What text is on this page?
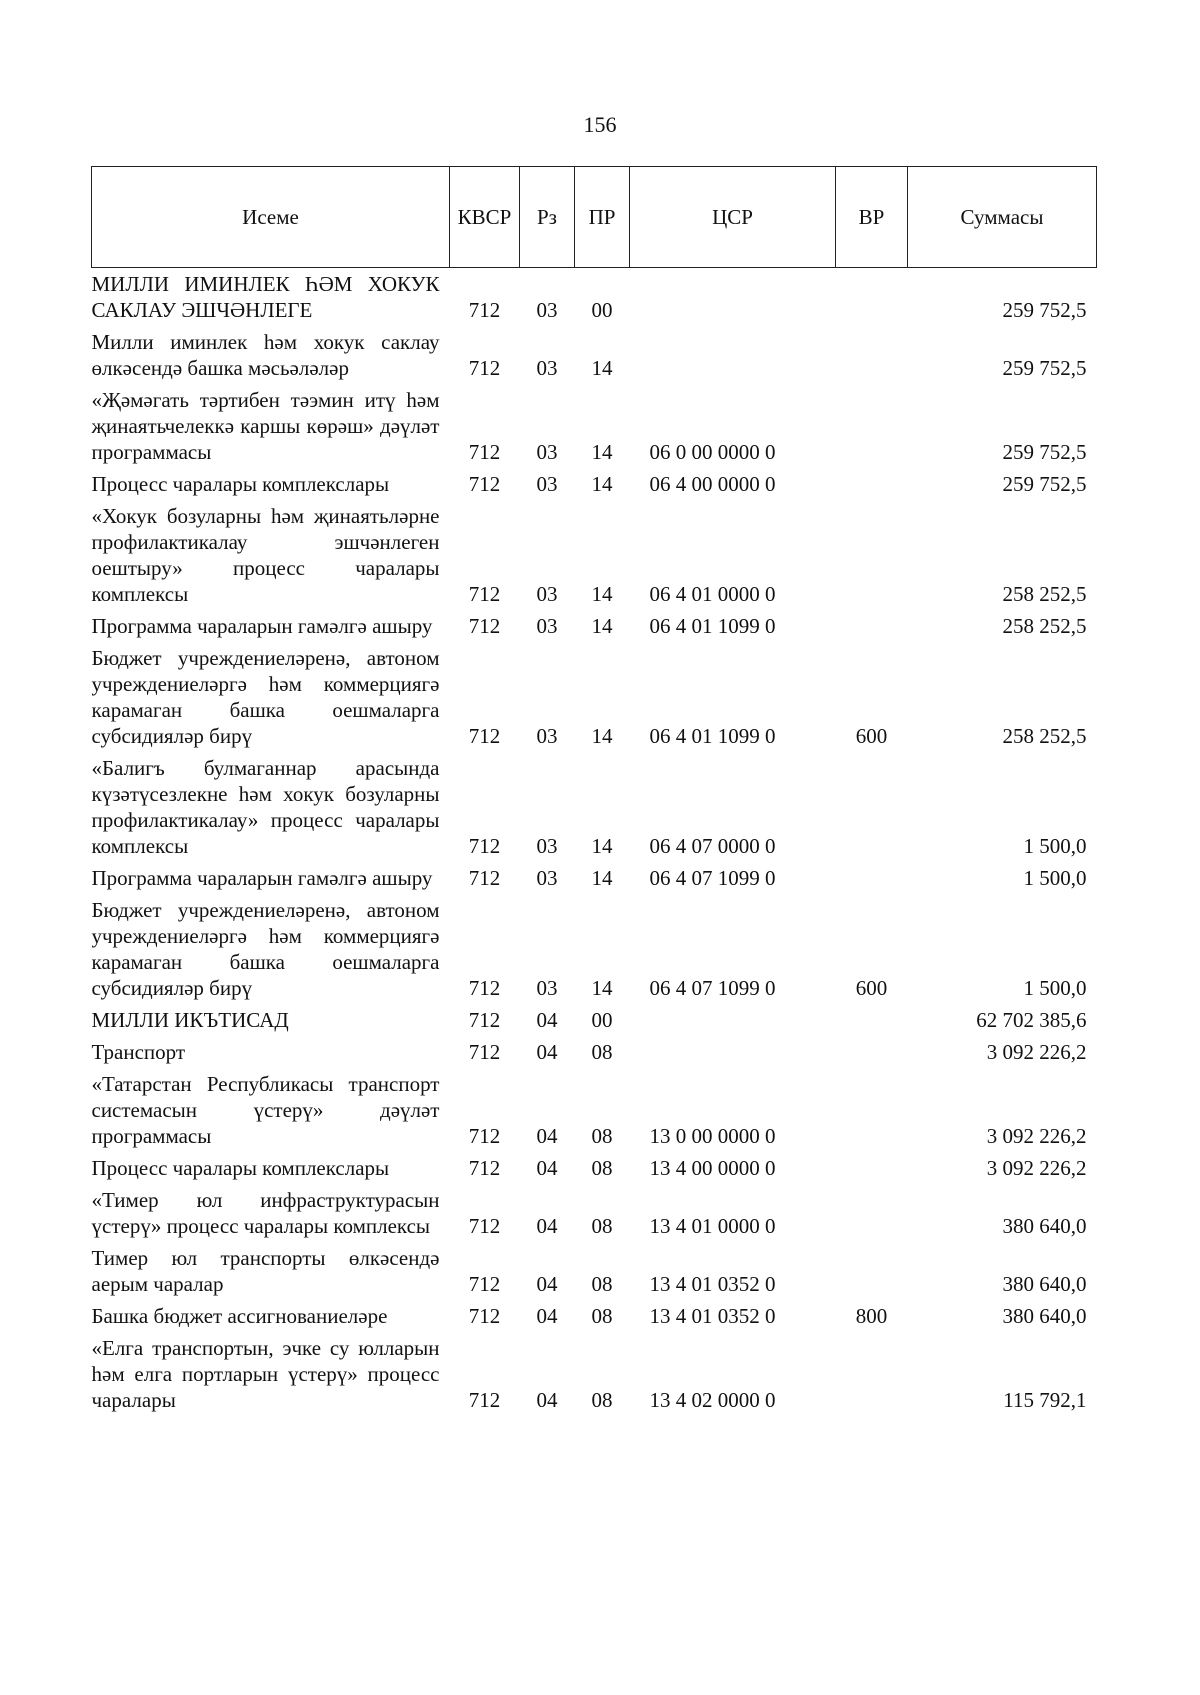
156
Исеме	КВСР	Рз	ПР	ЦСР	ВР	Суммасы
МИЛЛИ ИМИНЛЕК ҺӘМ ХОКУК САКЛАУ ЭШЧӘНЛЕГЕ	712	03	00			259 752,5
Милли иминлек һәм хокук саклау өлкәсендә башка мәсьәләләр	712	03	14			259 752,5
«Җәмәгать тәртибен тәэмин итү һәм җинаятьчелеккә каршы көрәш» дәүләт программасы	712	03	14	06 0 00 0000 0		259 752,5
Процесс чаралары комплекслары	712	03	14	06 4 00 0000 0		259 752,5
«Хокук бозуларны һәм җинаятьләрне профилактикалау эшчәнлеген оештыру» процесс чаралары комплексы	712	03	14	06 4 01 0000 0		258 252,5
Программа чараларын гамәлгә ашыру	712	03	14	06 4 01 1099 0		258 252,5
Бюджет учреждениеләренә, автоном учреждениеләргә һәм коммерциягә карамаган башка оешмаларга субсидияләр бирү	712	03	14	06 4 01 1099 0	600	258 252,5
«Балигъ булмаганнар арасында күзәтүсезлекне һәм хокук бозуларны профилактикалау» процесс чаралары комплексы	712	03	14	06 4 07 0000 0		1 500,0
Программа чараларын гамәлгә ашыру	712	03	14	06 4 07 1099 0		1 500,0
Бюджет учреждениеләренә, автоном учреждениеләргә һәм коммерциягә карамаган башка оешмаларга субсидияләр бирү	712	03	14	06 4 07 1099 0	600	1 500,0
МИЛЛИ ИКЪТИСАД	712	04	00			62 702 385,6
Транспорт	712	04	08			3 092 226,2
«Татарстан Республикасы транспорт системасын үстерү» дәүләт программасы	712	04	08	13 0 00 0000 0		3 092 226,2
Процесс чаралары комплекслары	712	04	08	13 4 00 0000 0		3 092 226,2
«Тимер юл инфраструктурасын үстерү» процесс чаралары комплексы	712	04	08	13 4 01 0000 0		380 640,0
Тимер юл транспорты өлкәсендә аерым чаралар	712	04	08	13 4 01 0352 0		380 640,0
Башка бюджет ассигнованиеләре	712	04	08	13 4 01 0352 0	800	380 640,0
«Елга транспортын, эчке су юлларын һәм елга портларын үстерү» процесс чаралары	712	04	08	13 4 02 0000 0		115 792,1
